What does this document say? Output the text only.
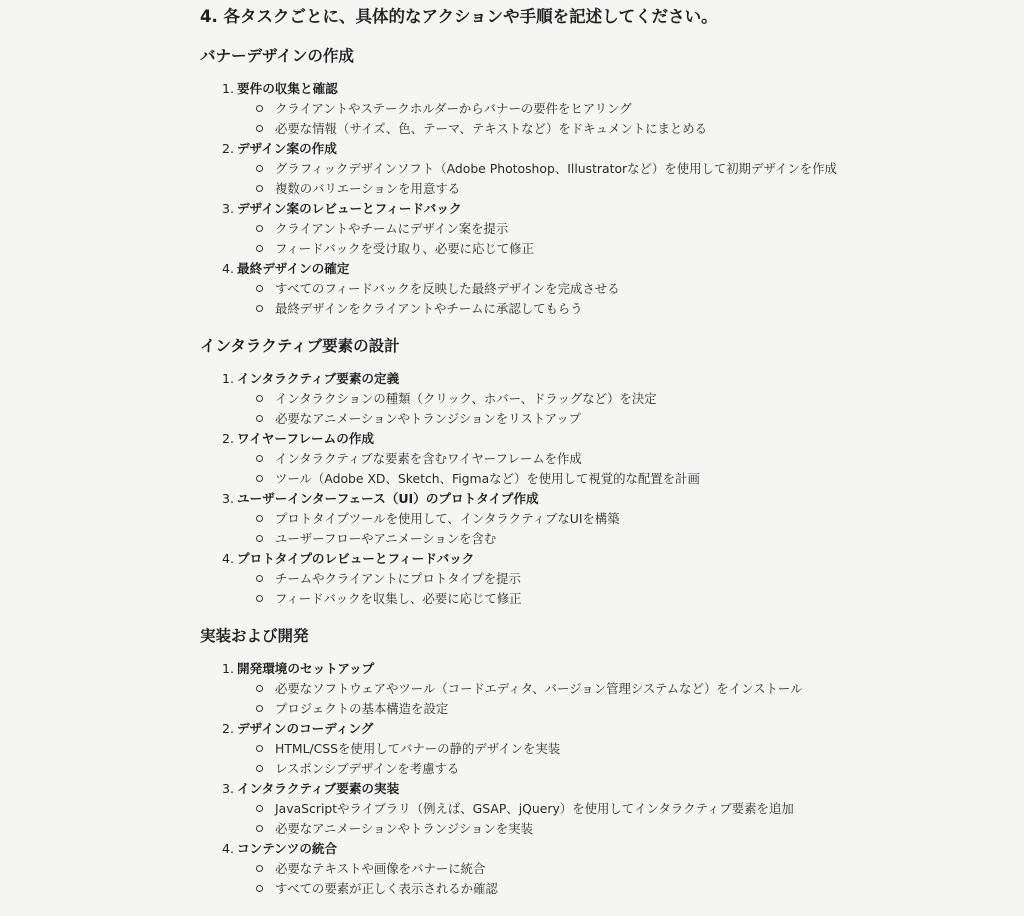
4. 各タスクごとに、具体的なアクションや手順を記述してください。
バナーデザインの作成
1. 要件の収集と確認
クライアントやステークホルダーからバナーの要件をヒアリング
必要な情報（サイズ、色、テーマ、テキストなど）をドキュメントにまとめる
2. デザイン案の作成
グラフィックデザインソフト（Adobe Photoshop、Illustratorなど）を使用して初期デザインを作成
複数のバリエーションを用意する
3. デザイン案のレビューとフィードバック
クライアントやチームにデザイン案を提示
フィードバックを受け取り、必要に応じて修正
4. 最終デザインの確定
すべてのフィードバックを反映した最終デザインを完成させる
最終デザインをクライアントやチームに承認してもらう
インタラクティブ要素の設計
1. インタラクティブ要素の定義
インタラクションの種類（クリック、ホバー、ドラッグなど）を決定
必要なアニメーションやトランジションをリストアップ
2. ワイヤーフレームの作成
インタラクティブな要素を含むワイヤーフレームを作成
ツール（Adobe XD、Sketch、Figmaなど）を使用して視覚的な配置を計画
3. ユーザーインターフェース（UI）のプロトタイプ作成
プロトタイプツールを使用して、インタラクティブなUIを構築
ユーザーフローやアニメーションを含む
4. プロトタイプのレビューとフィードバック
チームやクライアントにプロトタイプを提示
フィードバックを収集し、必要に応じて修正
実装および開発
1. 開発環境のセットアップ
必要なソフトウェアやツール（コードエディタ、バージョン管理システムなど）をインストール
プロジェクトの基本構造を設定
2. デザインのコーディング
HTML/CSSを使用してバナーの静的デザインを実装
レスポンシブデザインを考慮する
3. インタラクティブ要素の実装
JavaScriptやライブラリ（例えば、GSAP、jQuery）を使用してインタラクティブ要素を追加
必要なアニメーションやトランジションを実装
4. コンテンツの統合
必要なテキストや画像をバナーに統合
すべての要素が正しく表示されるか確認
